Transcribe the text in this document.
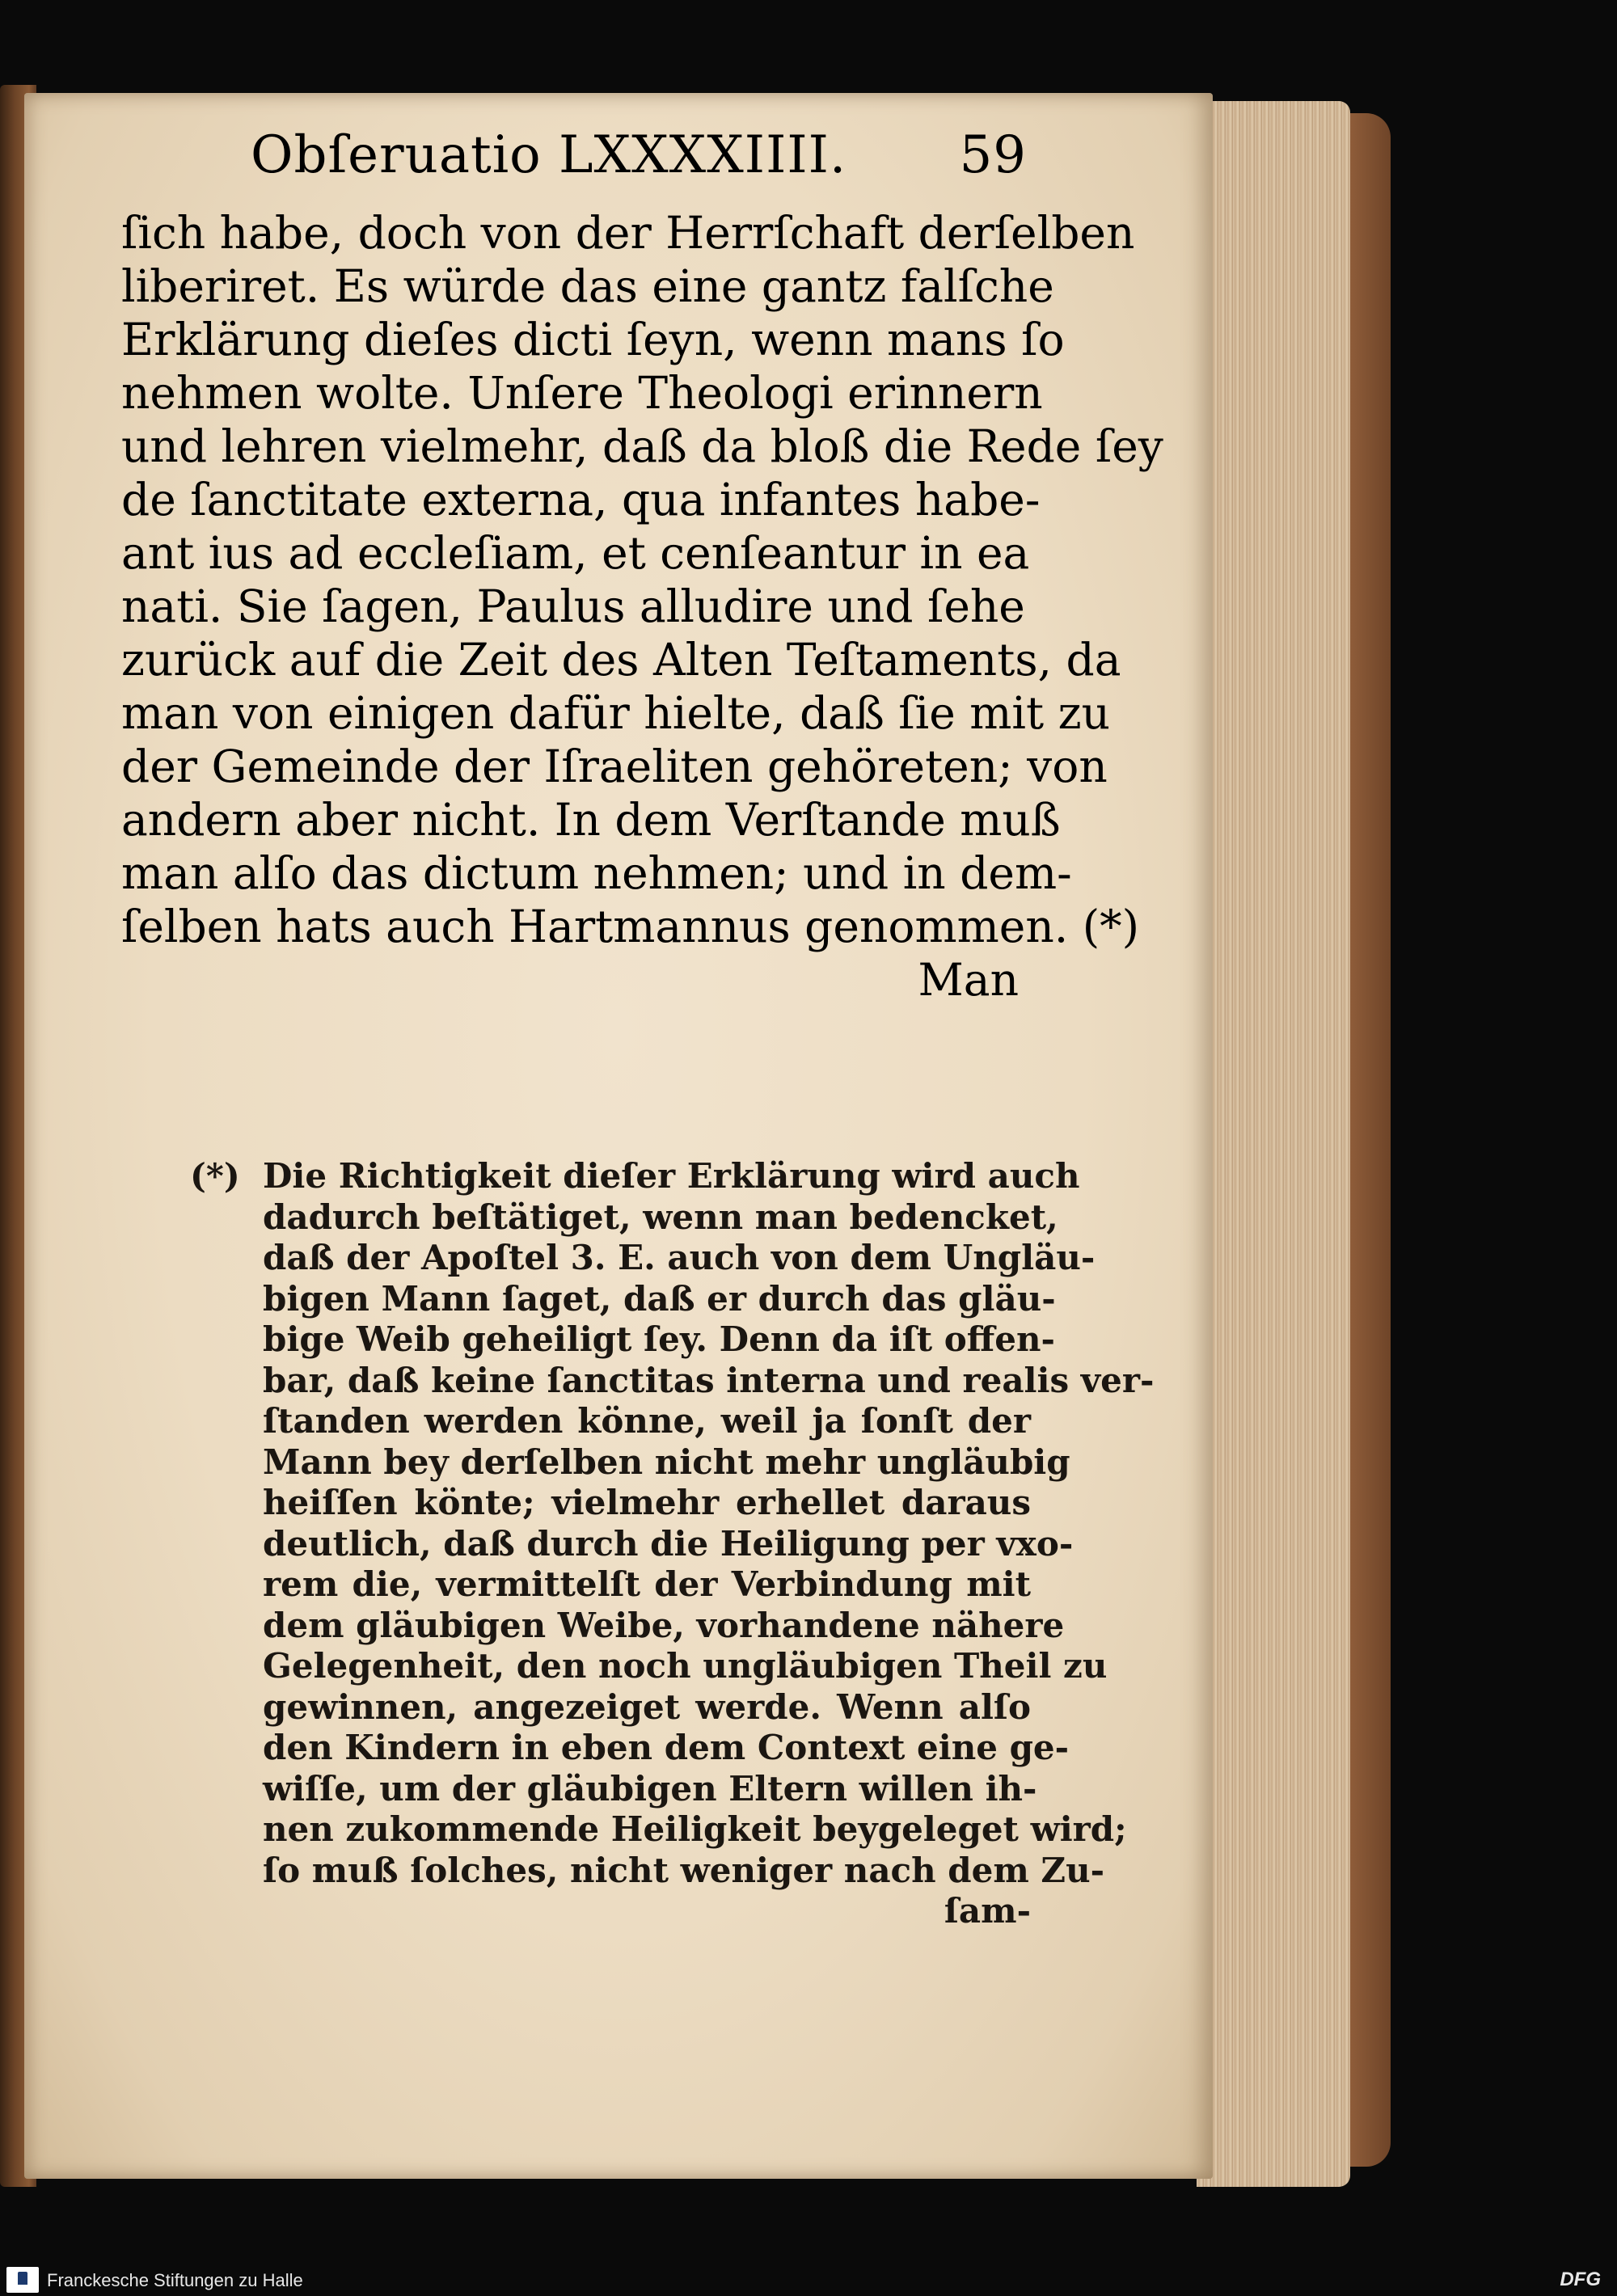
Obſeruatio LXXXXIIII. 59
ſich habe, doch von der Herrſchaft derſelben
liberiret. Es würde das eine gantz falſche
Erklärung dieſes dicti ſeyn, wenn mans ſo
nehmen wolte. Unſere Theologi erinnern
und lehren vielmehr, daß da bloß die Rede ſey
de ſanctitate externa, qua infantes habe-
ant ius ad eccleſiam, et cenſeantur in ea
nati. Sie ſagen, Paulus alludire und ſehe
zurück auf die Zeit des Alten Teſtaments, da
man von einigen dafür hielte, daß ſie mit zu
der Gemeinde der Iſraeliten gehöreten; von
andern aber nicht. In dem Verſtande muß
man alſo das dictum nehmen; und in dem-
ſelben hats auch Hartmannus genommen. (*)
Man
(*) Die Richtigkeit dieſer Erklärung wird auch
dadurch beſtätiget, wenn man bedencket,
daß der Apoſtel 3. E. auch von dem Ungläu-
bigen Mann ſaget, daß er durch das gläu-
bige Weib geheiligt ſey. Denn da iſt offen-
bar, daß keine ſanctitas interna und realis ver-
ſtanden werden könne, weil ja ſonſt der
Mann bey derſelben nicht mehr ungläubig
heiſſen könte; vielmehr erhellet daraus
deutlich, daß durch die Heiligung per vxo-
rem die, vermittelſt der Verbindung mit
dem gläubigen Weibe, vorhandene nähere
Gelegenheit, den noch ungläubigen Theil zu
gewinnen, angezeiget werde. Wenn alſo
den Kindern in eben dem Context eine ge-
wiſſe, um der gläubigen Eltern willen ih-
nen zukommende Heiligkeit beygeleget wird;
ſo muß ſolches, nicht weniger nach dem Zu-
ſam-
Franckesche Stiftungen zu Halle	DFG
